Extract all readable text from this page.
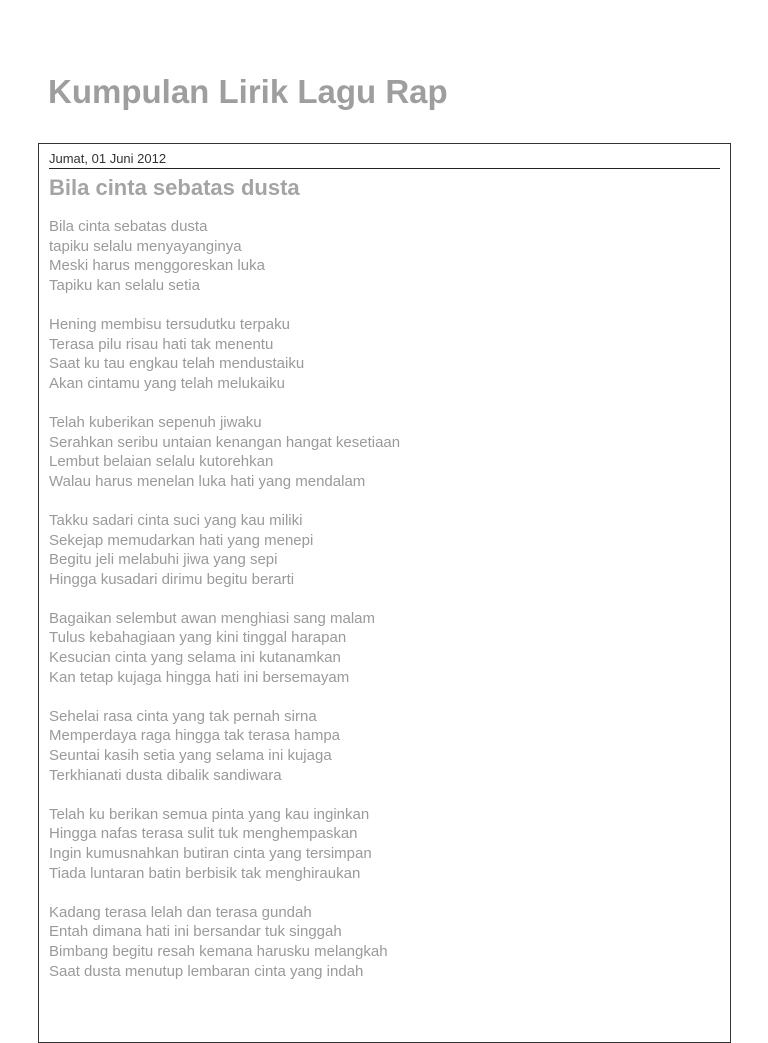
Kumpulan Lirik Lagu Rap
Jumat, 01 Juni 2012
Bila cinta sebatas dusta

Bila cinta sebatas dusta
tapiku selalu menyayanginya
Meski harus menggoreskan luka
Tapiku kan selalu setia

Hening membisu tersudutku terpaku
Terasa pilu risau hati tak menentu
Saat ku tau engkau telah mendustaiku
Akan cintamu yang telah melukaiku

Telah kuberikan sepenuh jiwaku
Serahkan seribu untaian kenangan hangat kesetiaan
Lembut belaian selalu kutorehkan
Walau harus menelan luka hati yang mendalam

Takku sadari cinta suci yang kau miliki
Sekejap memudarkan hati yang menepi
Begitu jeli melabuhi jiwa yang sepi
Hingga kusadari dirimu begitu berarti

Bagaikan selembut awan menghiasi sang malam
Tulus kebahagiaan yang kini tinggal harapan
Kesucian cinta yang selama ini kutanamkan
Kan tetap kujaga hingga hati ini bersemayam

Sehelai rasa cinta yang tak pernah sirna
Memperdaya raga hingga tak terasa hampa
Seuntai kasih setia yang selama ini kujaga
Terkhianati dusta dibalik sandiwara

Telah ku berikan semua pinta yang kau inginkan
Hingga nafas terasa sulit tuk menghempaskan
Ingin kumusnahkan butiran cinta yang tersimpan
Tiada luntaran batin berbisik tak menghiraukan

Kadang terasa lelah dan terasa gundah
Entah dimana hati ini bersandar tuk singgah
Bimbang begitu resah kemana harusku melangkah
Saat dusta menutup lembaran cinta yang indah
